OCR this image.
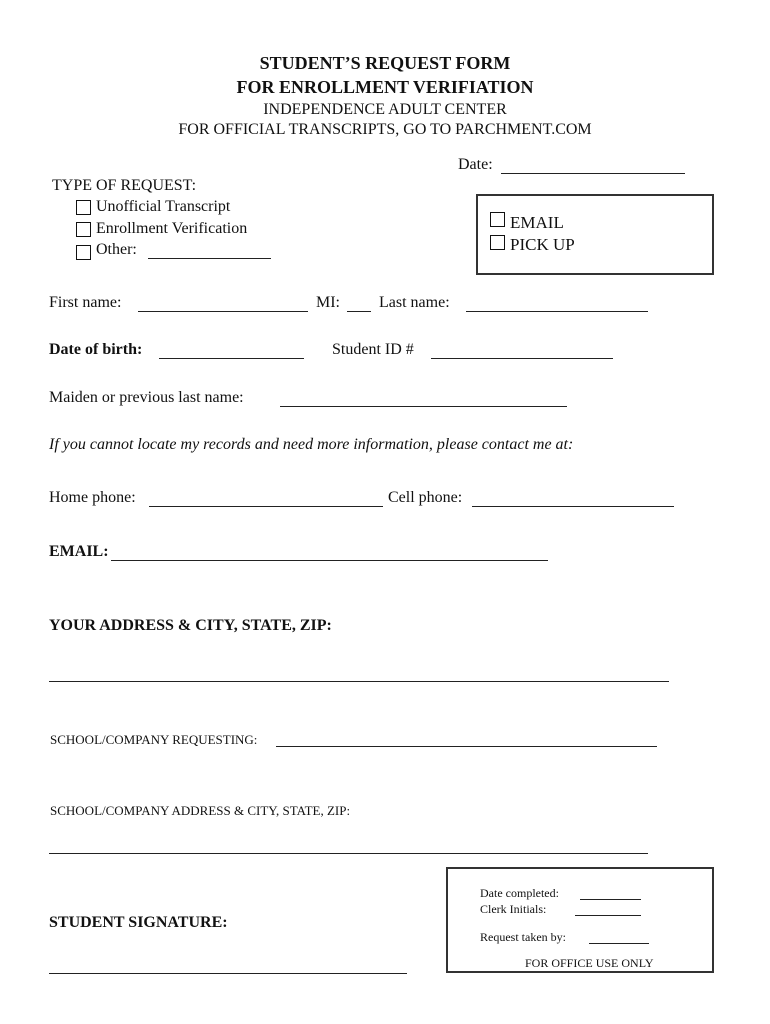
STUDENT’S REQUEST FORM
FOR ENROLLMENT VERIFIATION
INDEPENDENCE ADULT CENTER
FOR OFFICIAL TRANSCRIPTS, GO TO PARCHMENT.COM
Date:
TYPE OF REQUEST:
Unofficial Transcript
Enrollment Verification
Other:
EMAIL
PICK UP
First name:	MI: Last name:
Date of birth:	Student ID #
Maiden or previous last name:
If you cannot locate my records and need more information, please contact me at:
Home phone:	Cell phone:
EMAIL:
YOUR ADDRESS & CITY, STATE, ZIP:
SCHOOL/COMPANY REQUESTING:
SCHOOL/COMPANY ADDRESS & CITY, STATE, ZIP:
STUDENT SIGNATURE:
Date completed:
Clerk Initials:
Request taken by:
FOR OFFICE USE ONLY
